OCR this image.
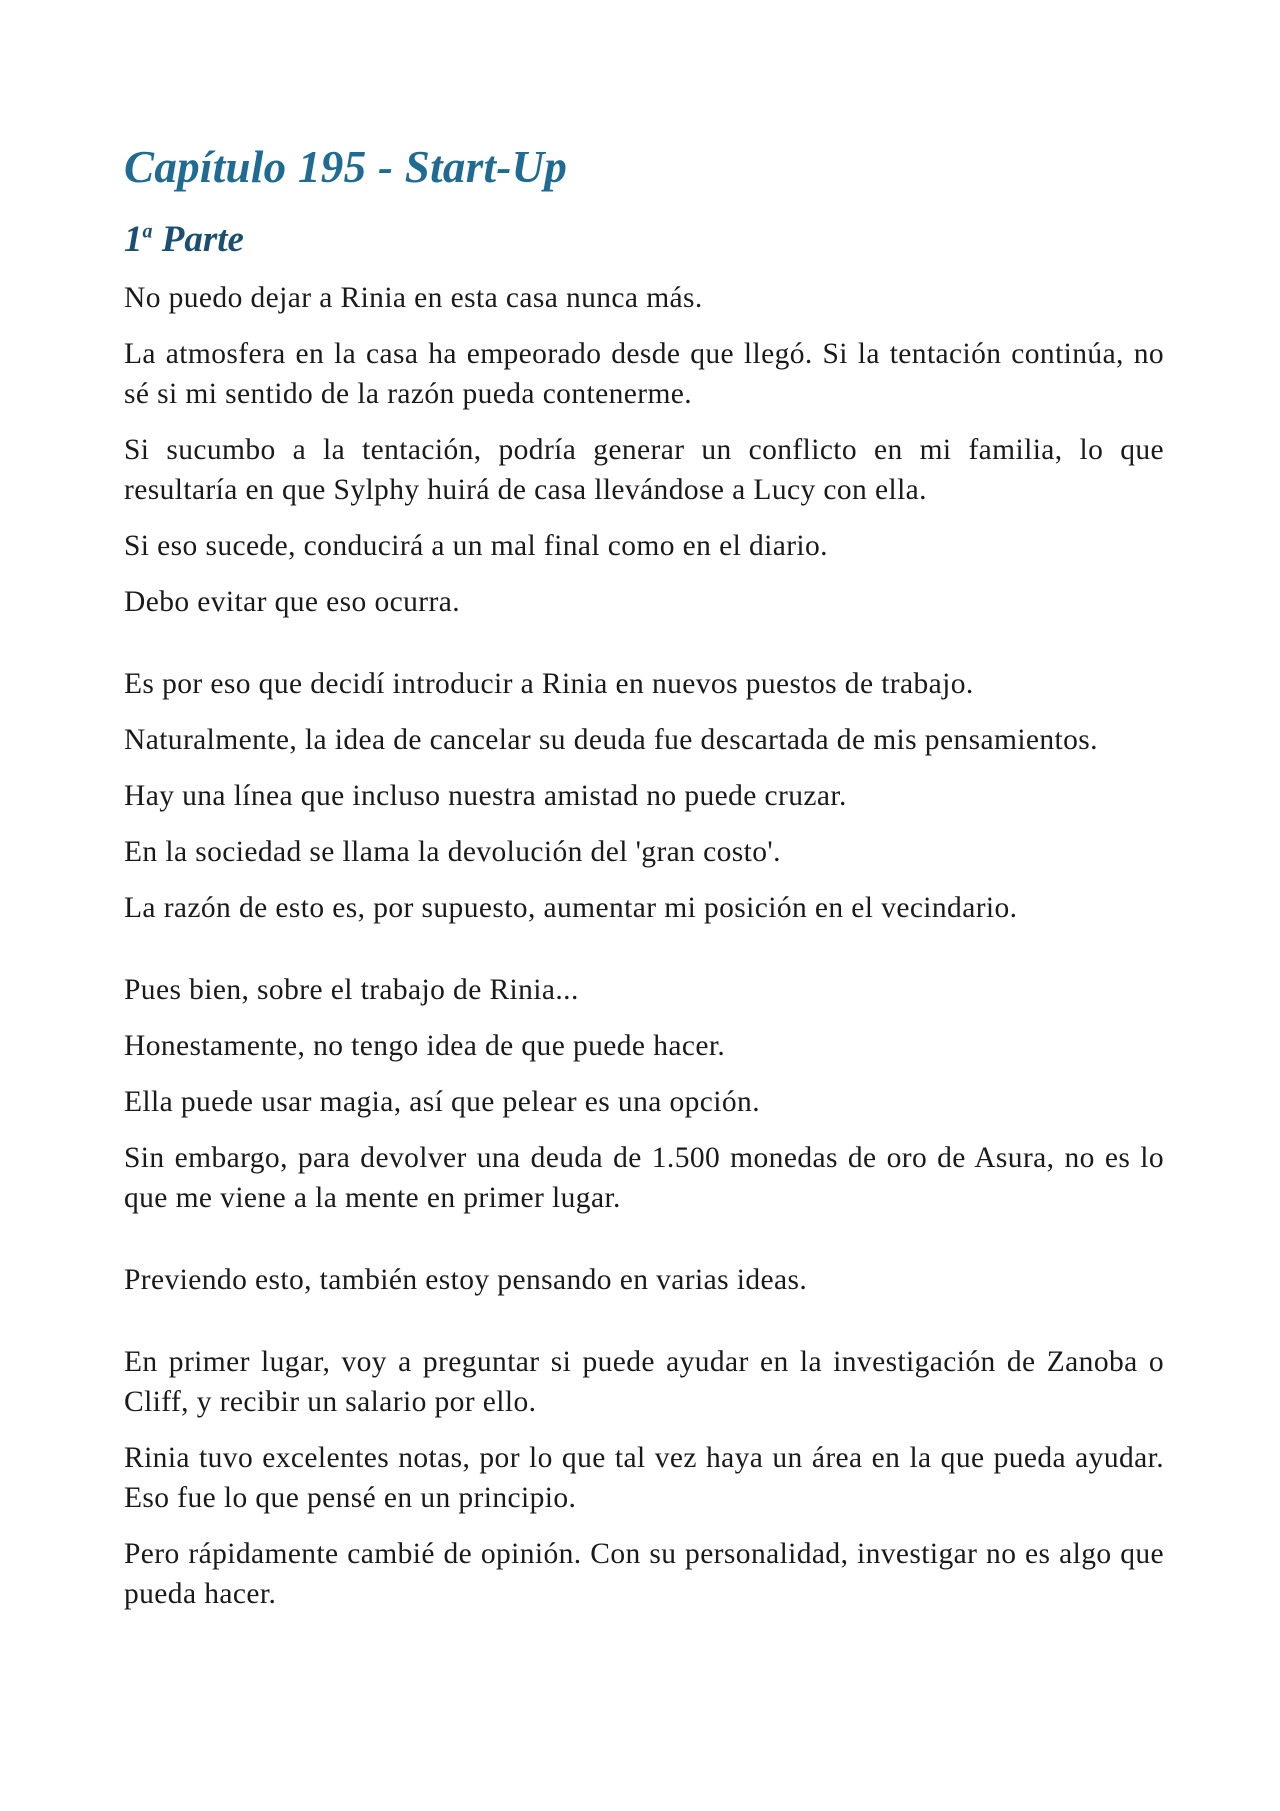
Capítulo 195 - Start-Up
1$^a$ Parte

No puedo dejar a Rinia en esta casa nunca más.

La atmosfera en la casa ha empeorado desde que llegó. Si la tentación continúa, no sé si mi sentido de la razón pueda contenerme.

Si sucumbo a la tentación, podría generar un conflicto en mi familia, lo que resultaría en que Sylphy huirá de casa llevándose a Lucy con ella.

Si eso sucede, conducirá a un mal final como en el diario.

Debo evitar que eso ocurra.

Es por eso que decidí introducir a Rinia en nuevos puestos de trabajo.

Naturalmente, la idea de cancelar su deuda fue descartada de mis pensamientos.

Hay una línea que incluso nuestra amistad no puede cruzar.

En la sociedad se llama la devolución del 'gran costo'.

La razón de esto es, por supuesto, aumentar mi posición en el vecindario.

Pues bien, sobre el trabajo de Rinia...

Honestamente, no tengo idea de que puede hacer.

Ella puede usar magia, así que pelear es una opción.

Sin embargo, para devolver una deuda de 1.500 monedas de oro de Asura, no es lo que me viene a la mente en primer lugar.

Previendo esto, también estoy pensando en varias ideas.

En primer lugar, voy a preguntar si puede ayudar en la investigación de Zanoba o Cliff, y recibir un salario por ello.

Rinia tuvo excelentes notas, por lo que tal vez haya un área en la que pueda ayudar. Eso fue lo que pensé en un principio.

Pero rápidamente cambié de opinión. Con su personalidad, investigar no es algo que pueda hacer.
